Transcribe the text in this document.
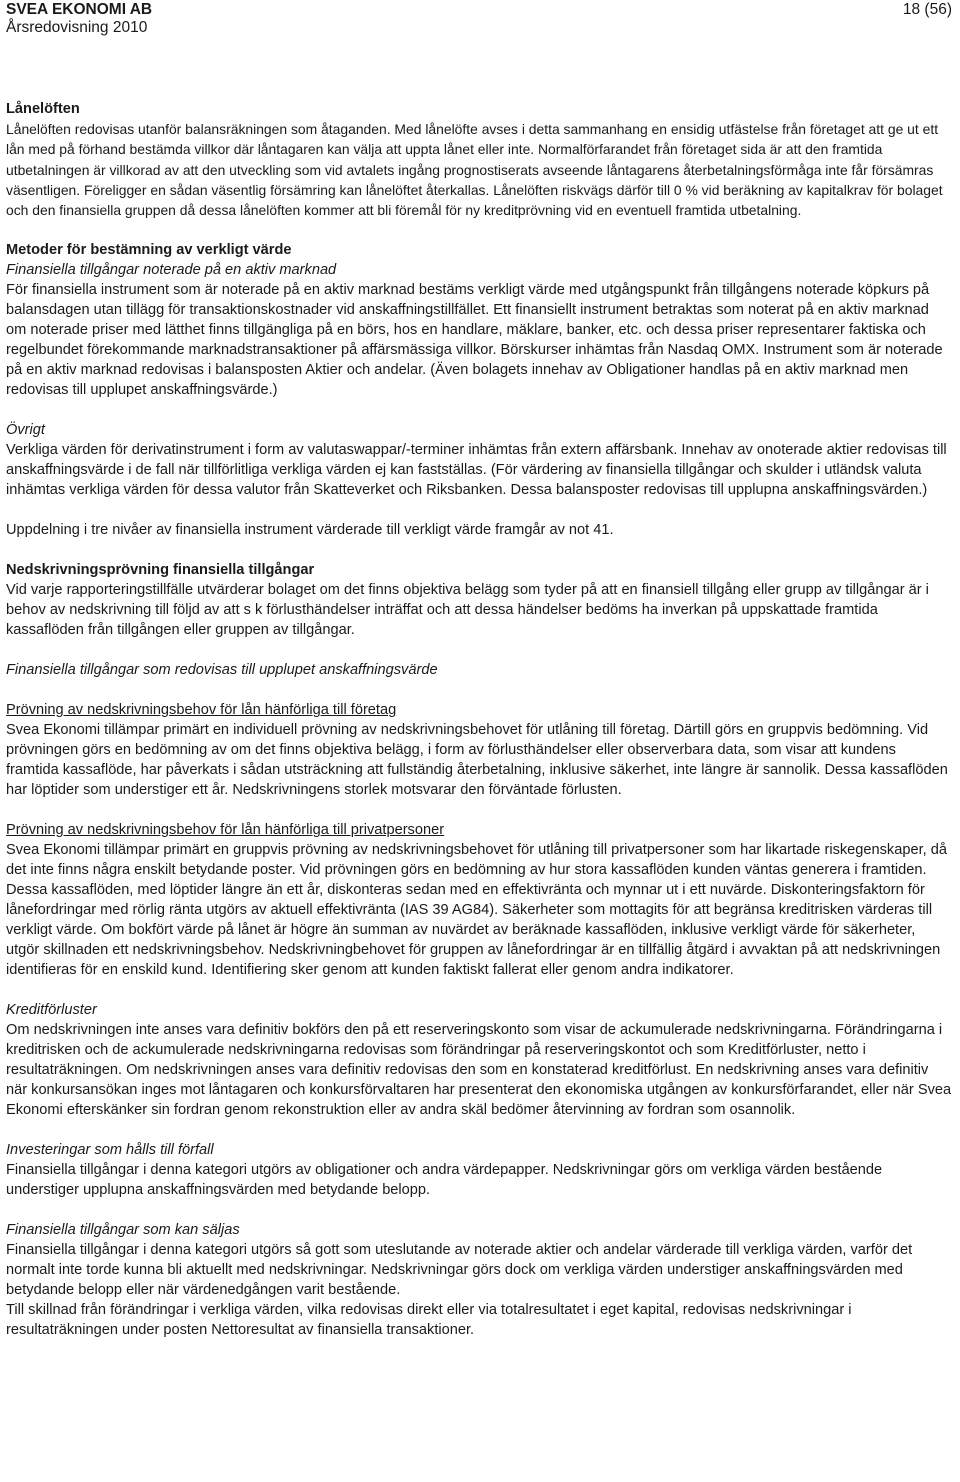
SVEA EKONOMI AB
Årsredovisning 2010
18 (56)

Lånelöften

Lånelöften redovisas utanför balansräkningen som åtaganden. Med lånelöfte avses i detta sammanhang en ensidig utfästelse från företaget att ge ut ett lån med på förhand bestämda villkor där låntagaren kan välja att uppta lånet eller inte. Normalförfarandet från företaget sida är att den framtida utbetalningen är villkorad av att den utveckling som vid avtalets ingång prognostiserats avseende låntagarens återbetalningsförmåga inte får försämras väsentligen. Föreligger en sådan väsentlig försämring kan lånelöftet återkallas. Lånelöften riskvägs därför till 0 % vid beräkning av kapitalkrav för bolaget och den finansiella gruppen då dessa lånelöften kommer att bli föremål för ny kreditprövning vid en eventuell framtida utbetalning.

Metoder för bestämning av verkligt värde

Finansiella tillgångar noterade på en aktiv marknad

För finansiella instrument som är noterade på en aktiv marknad bestäms verkligt värde med utgångspunkt från tillgångens noterade köpkurs på balansdagen utan tillägg för transaktionskostnader vid anskaffningstillfället. Ett finansiellt instrument betraktas som noterat på en aktiv marknad om noterade priser med lätthet finns tillgängliga på en börs, hos en handlare, mäklare, banker, etc. och dessa priser representarer faktiska och regelbundet förekommande marknadstransaktioner på affärsmässiga villkor. Börskurser inhämtas från Nasdaq OMX. Instrument som är noterade på en aktiv marknad redovisas i balansposten Aktier och andelar. (Även bolagets innehav av Obligationer handlas på en aktiv marknad men redovisas till upplupet anskaffningsvärde.)

Övrigt

Verkliga värden för derivatinstrument i form av valutaswappar/-terminer inhämtas från extern affärsbank. Innehav av onoterade aktier redovisas till anskaffningsvärde i de fall när tillförlitliga verkliga värden ej kan fastställas. (För värdering av finansiella tillgångar och skulder i utländsk valuta inhämtas verkliga värden för dessa valutor från Skatteverket och Riksbanken. Dessa balansposter redovisas till upplupna anskaffningsvärden.)

Uppdelning i tre nivåer av finansiella instrument värderade till verkligt värde framgår av not 41.

Nedskrivningsprövning finansiella tillgångar

Vid varje rapporteringstillfälle utvärderar bolaget om det finns objektiva belägg som tyder på att en finansiell tillgång eller grupp av tillgångar är i behov av nedskrivning till följd av att s k förlusthändelser inträffat och att dessa händelser bedöms ha inverkan på uppskattade framtida kassaflöden från tillgången eller gruppen av tillgångar.

Finansiella tillgångar som redovisas till upplupet anskaffningsvärde

Prövning av nedskrivningsbehov för lån hänförliga till företag

Svea Ekonomi tillämpar primärt en individuell prövning av nedskrivningsbehovet för utlåning till företag. Därtill görs en gruppvis bedömning. Vid prövningen görs en bedömning av om det finns objektiva belägg, i form av förlusthändelser eller observerbara data, som visar att kundens framtida kassaflöde, har påverkats i sådan utsträckning att fullständig återbetalning, inklusive säkerhet, inte längre är sannolik. Dessa kassaflöden har löptider som understiger ett år. Nedskrivningens storlek motsvarar den förväntade förlusten.

Prövning av nedskrivningsbehov för lån hänförliga till privatpersoner

Svea Ekonomi tillämpar primärt en gruppvis prövning av nedskrivningsbehovet för utlåning till privatpersoner som har likartade riskegenskaper, då det inte finns några enskilt betydande poster. Vid prövningen görs en bedömning av hur stora kassaflöden kunden väntas generera i framtiden. Dessa kassaflöden, med löptider längre än ett år, diskonteras sedan med en effektivränta och mynnar ut i ett nuvärde. Diskonteringsfaktorn för lånefordringar med rörlig ränta utgörs av aktuell effektivränta (IAS 39 AG84). Säkerheter som mottagits för att begränsa kreditrisken värderas till verkligt värde. Om bokfört värde på lånet är högre än summan av nuvärdet av beräknade kassaflöden, inklusive verkligt värde för säkerheter, utgör skillnaden ett nedskrivningsbehov. Nedskrivningbehovet för gruppen av lånefordringar är en tillfällig åtgärd i avvaktan på att nedskrivningen identifieras för en enskild kund. Identifiering sker genom att kunden faktiskt fallerat eller genom andra indikatorer.

Kreditförluster

Om nedskrivningen inte anses vara definitiv bokförs den på ett reserveringskonto som visar de ackumulerade nedskrivningarna. Förändringarna i kreditrisken och de ackumulerade nedskrivningarna redovisas som förändringar på reserveringskontot och som Kreditförluster, netto i resultaträkningen. Om nedskrivningen anses vara definitiv redovisas den som en konstaterad kreditförlust. En nedskrivning anses vara definitiv när konkursansökan inges mot låntagaren och konkursförvaltaren har presenterat den ekonomiska utgången av konkursförfarandet, eller när Svea Ekonomi efterskänker sin fordran genom rekonstruktion eller av andra skäl bedömer återvinning av fordran som osannolik.

Investeringar som hålls till förfall

Finansiella tillgångar i denna kategori utgörs av obligationer och andra värdepapper. Nedskrivningar görs om verkliga värden bestående understiger upplupna anskaffningsvärden med betydande belopp.

Finansiella tillgångar som kan säljas

Finansiella tillgångar i denna kategori utgörs så gott som uteslutande av noterade aktier och andelar värderade till verkliga värden, varför det normalt inte torde kunna bli aktuellt med nedskrivningar. Nedskrivningar görs dock om verkliga värden understiger anskaffningsvärden med betydande belopp eller när värdenedgången varit bestående.

Till skillnad från förändringar i verkliga värden, vilka redovisas direkt eller via totalresultatet i eget kapital, redovisas nedskrivningar i resultaträkningen under posten Nettoresultat av finansiella transaktioner.
